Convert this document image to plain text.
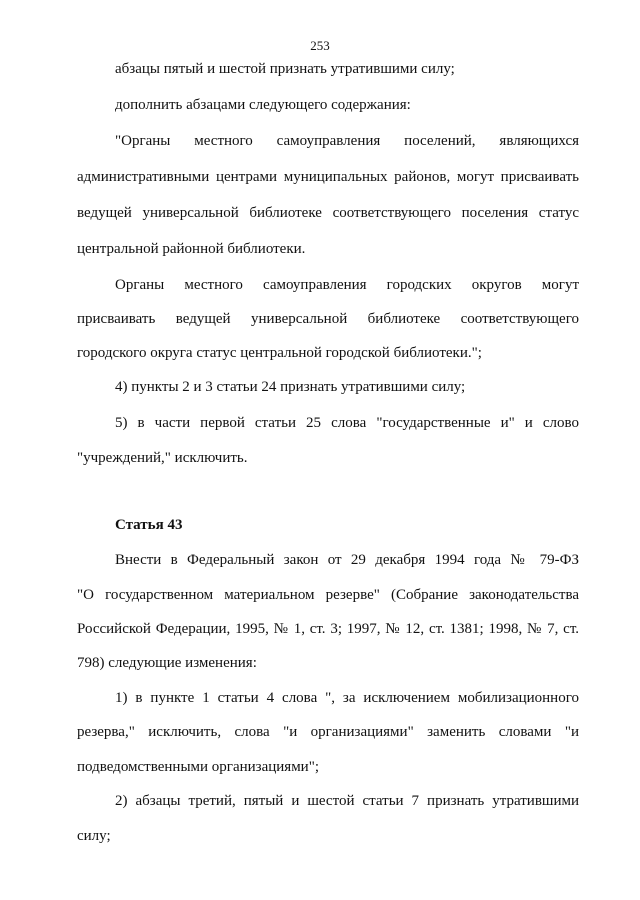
253
абзацы пятый и шестой признать утратившими силу;
дополнить абзацами следующего содержания:
"Органы местного самоуправления поселений, являющихся
административными центрами муниципальных районов, могут присваивать
ведущей универсальной библиотеке соответствующего поселения статус
центральной районной библиотеки.
Органы местного самоуправления городских округов могут
присваивать ведущей универсальной библиотеке соответствующего
городского округа статус центральной городской библиотеки.";
4) пункты 2 и 3 статьи 24 признать утратившими силу;
5) в части первой статьи 25 слова "государственные и" и слово
"учреждений," исключить.
Статья 43
Внести в Федеральный закон от 29 декабря 1994 года № 79-ФЗ
"О государственном материальном резерве" (Собрание законодательства
Российской Федерации, 1995, № 1, ст. 3; 1997, № 12, ст. 1381; 1998, № 7, ст.
798) следующие изменения:
1) в пункте 1 статьи 4 слова ", за исключением мобилизационного
резерва," исключить, слова "и организациями" заменить словами "и
подведомственными организациями";
2) абзацы третий, пятый и шестой статьи 7 признать утратившими
силу;
